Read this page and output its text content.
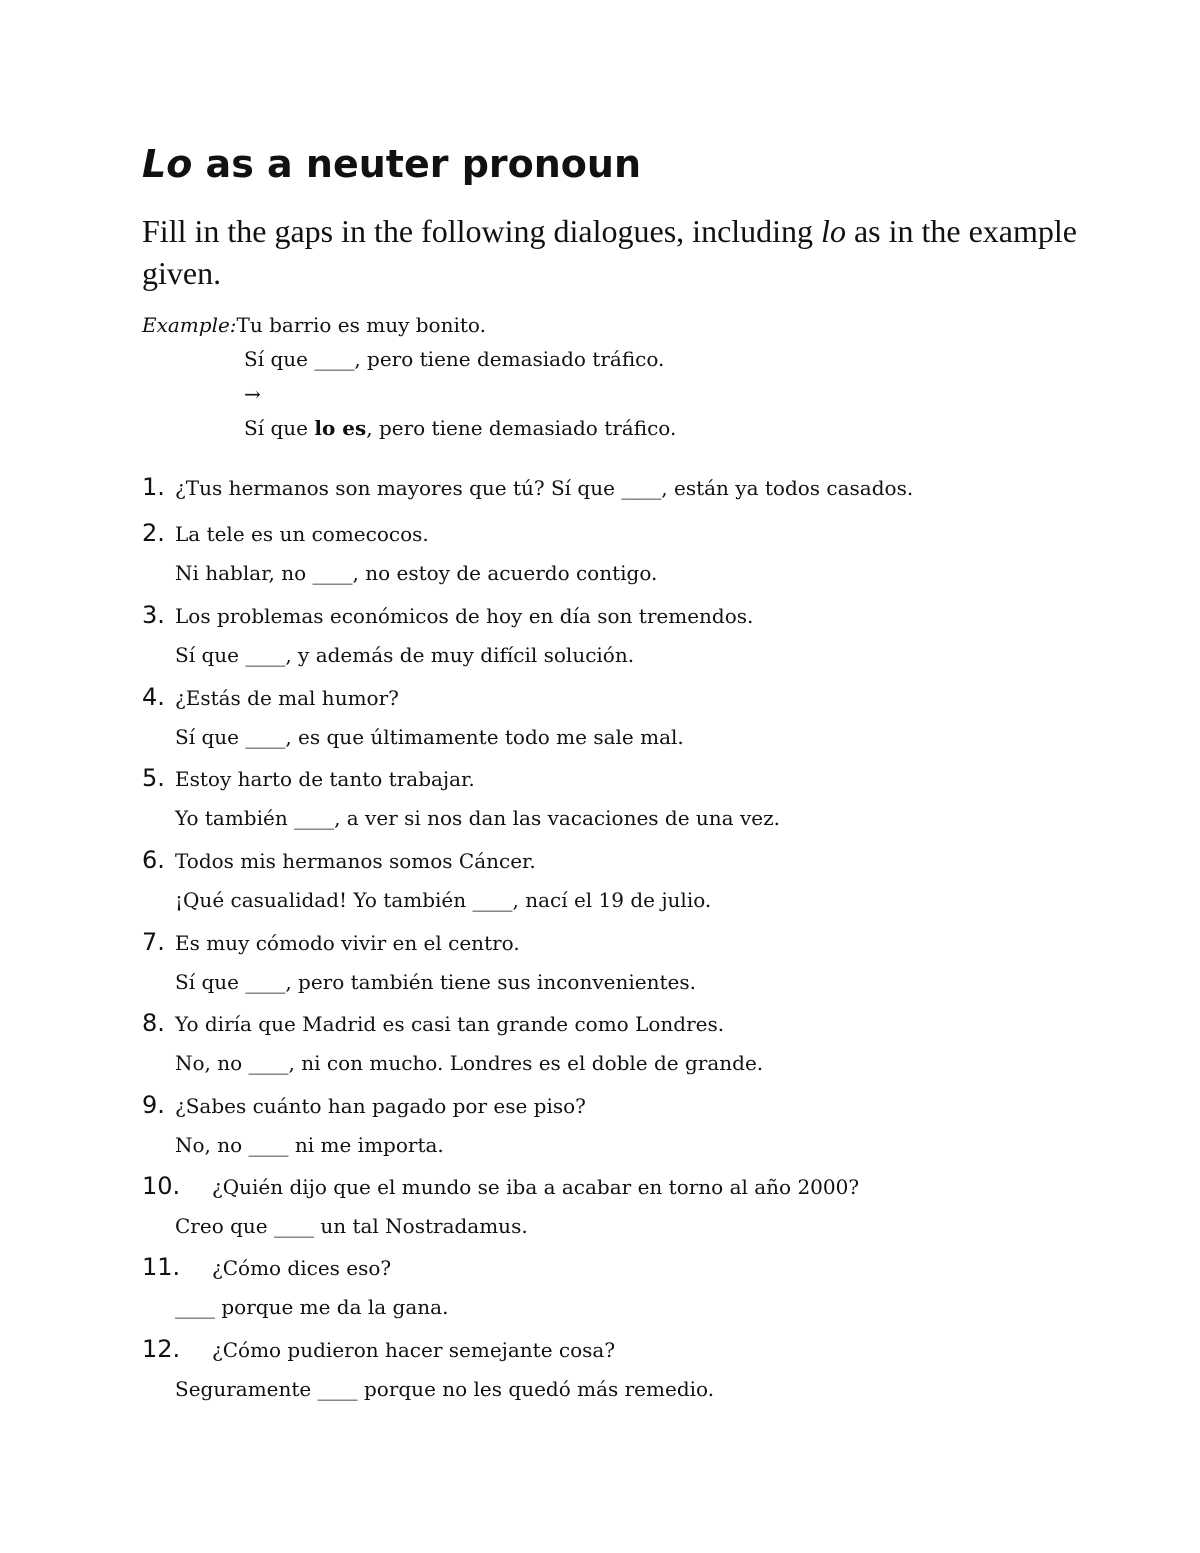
Lo as a neuter pronoun

Fill in the gaps in the following dialogues, including lo as in the example given.

Example:Tu barrio es muy bonito.
Sí que ____, pero tiene demasiado tráfico.
→
Sí que lo es, pero tiene demasiado tráfico.
1. ¿Tus hermanos son mayores que tú? Sí que ____, están ya todos casados.
2. La tele es un comecocos.
Ni hablar, no ____, no estoy de acuerdo contigo.
3. Los problemas económicos de hoy en día son tremendos.
Sí que ____, y además de muy difícil solución.
4. ¿Estás de mal humor?
Sí que ____, es que últimamente todo me sale mal.
5. Estoy harto de tanto trabajar.
Yo también ____, a ver si nos dan las vacaciones de una vez.
6. Todos mis hermanos somos Cáncer.
¡Qué casualidad! Yo también ____, nací el 19 de julio.
7. Es muy cómodo vivir en el centro.
Sí que ____, pero también tiene sus inconvenientes.
8. Yo diría que Madrid es casi tan grande como Londres.
No, no ____, ni con mucho. Londres es el doble de grande.
9. ¿Sabes cuánto han pagado por ese piso?
No, no ____ ni me importa.
10. ¿Quién dijo que el mundo se iba a acabar en torno al año 2000?
Creo que ____ un tal Nostradamus.
11. ¿Cómo dices eso?
____ porque me da la gana.
12. ¿Cómo pudieron hacer semejante cosa?
Seguramente ____ porque no les quedó más remedio.
